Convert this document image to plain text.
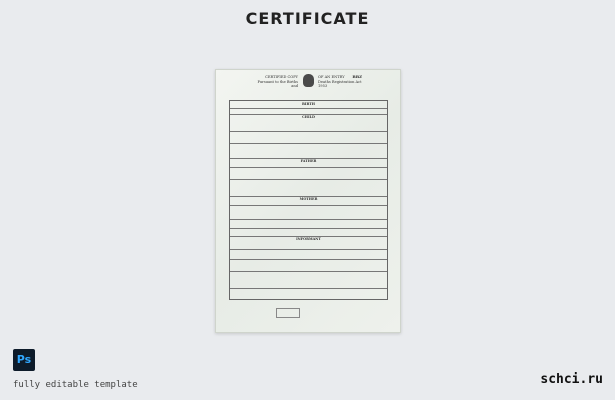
CERTIFICATE
CERTIFIED COPY
Pursuant to the Births and
OF AN ENTRY
Deaths Registration Act 1953
BBZ
BIRTH
CHILD
FATHER
MOTHER
INFORMANT
Ps
fully editable template	schci.ru
